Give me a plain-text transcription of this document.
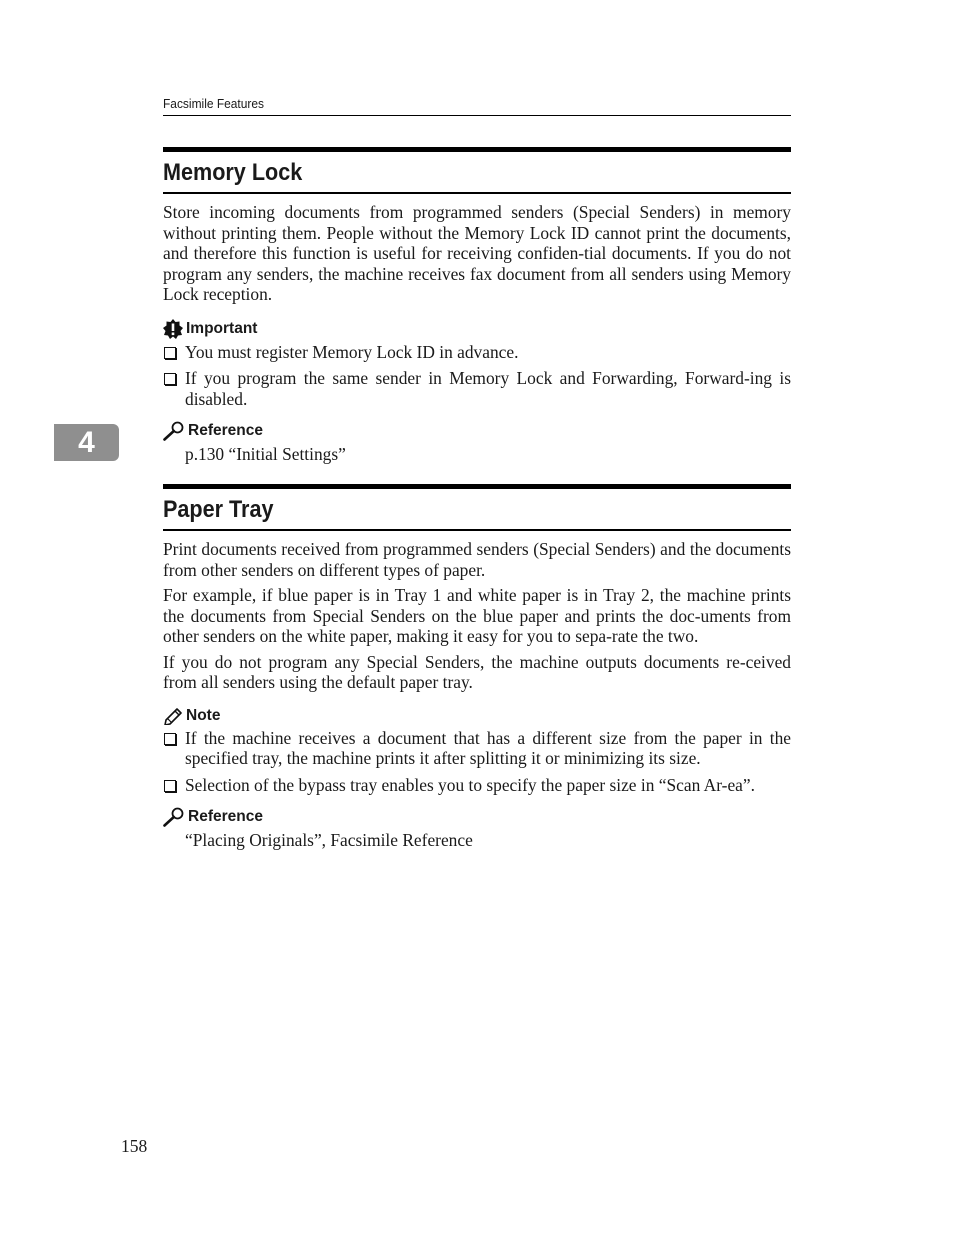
Facsimile Features
4
Memory Lock

Store incoming documents from programmed senders (Special Senders) in memory without printing them. People without the Memory Lock ID cannot print the documents, and therefore this function is useful for receiving confiden-tial documents. If you do not program any senders, the machine receives fax document from all senders using Memory Lock reception.

Important
You must register Memory Lock ID in advance.
If you program the same sender in Memory Lock and Forwarding, Forward-ing is disabled.
Reference

p.130 “Initial Settings”

Paper Tray

Print documents received from programmed senders (Special Senders) and the documents from other senders on different types of paper.

For example, if blue paper is in Tray 1 and white paper is in Tray 2, the machine prints the documents from Special Senders on the blue paper and prints the doc-uments from other senders on the white paper, making it easy for you to sepa-rate the two.

If you do not program any Special Senders, the machine outputs documents re-ceived from all senders using the default paper tray.

Note
If the machine receives a document that has a different size from the paper in the specified tray, the machine prints it after splitting it or minimizing its size.
Selection of the bypass tray enables you to specify the paper size in “Scan Ar-ea”.
Reference

“Placing Originals”, Facsimile Reference

158
